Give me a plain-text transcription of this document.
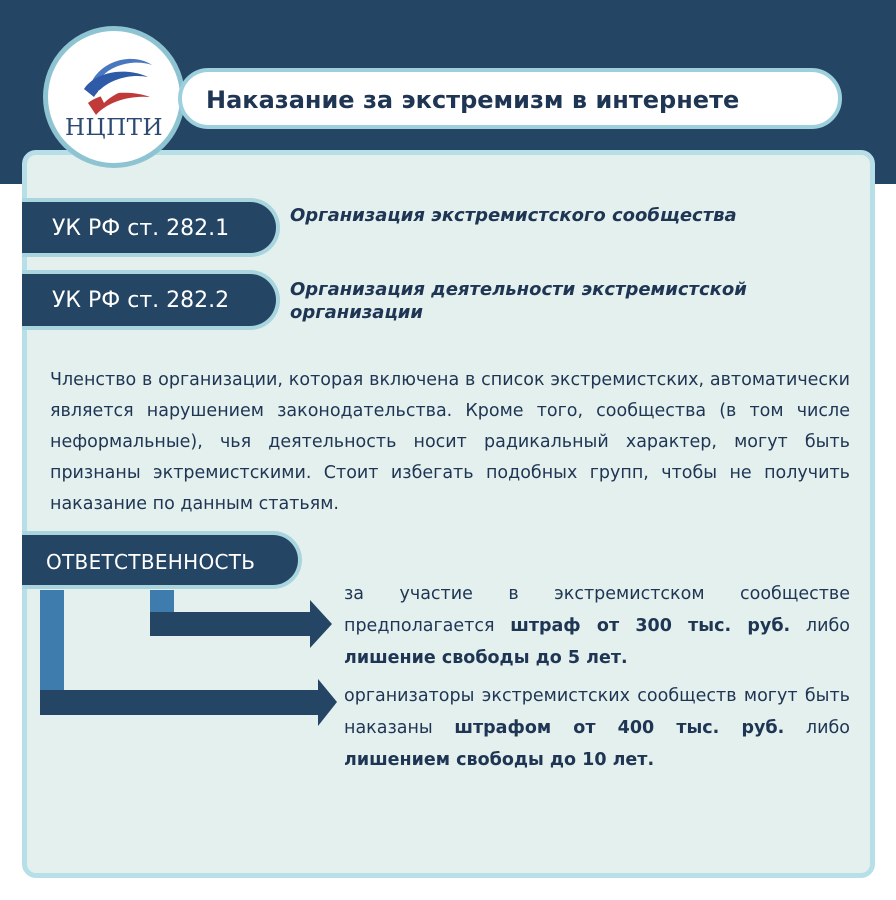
НЦПТИ
Наказание за экстремизм в интернете
УК РФ ст. 282.1
Организация экстремистского сообщества
УК РФ ст. 282.2	Организация деятельности экстремистской организации
Членство в организации, которая включена в список экстремистских, автоматически является нарушением законодательства. Кроме того, сообщества (в том числе неформальные), чья деятельность носит радикальный характер, могут быть признаны эктремистскими. Стоит избегать подобных групп, чтобы не получить наказание по данным статьям.
ОТВЕТСТВЕННОСТЬ
за участие в экстремистском сообществе предполагается штраф от 300 тыс. руб. либо лишение свободы до 5 лет.
организаторы экстремистских сообществ могут быть наказаны штрафом от 400 тыс. руб. либо лишением свободы до 10 лет.
